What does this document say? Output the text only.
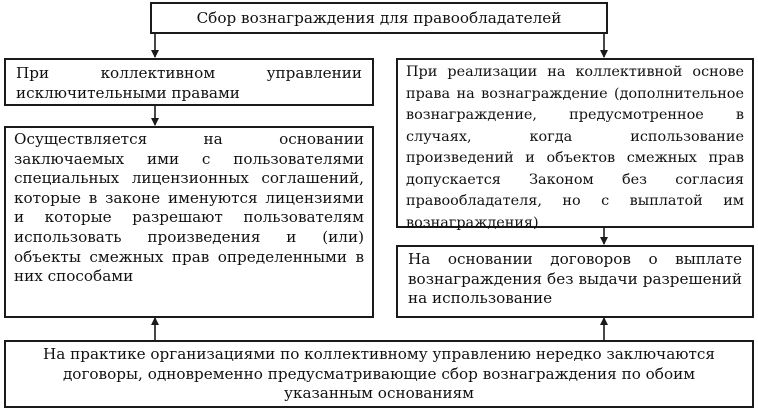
Сбор вознаграждения для правообладателей
При коллективном управлении исключительными правами
Осуществляется на основании заключаемых ими с пользователями специальных лицензионных соглашений, которые в законе именуются лицензиями и которые разрешают пользователям использовать произведения и (или) объекты смежных прав определенными в них способами
При реализации на коллективной основе права на вознаграждение (дополнительное вознаграждение, предусмотренное в случаях, когда использование произведений и объектов смежных прав допускается Законом без согласия правообладателя, но с выплатой им вознаграждения)
На основании договоров о выплате вознаграждения без выдачи разрешений на использование
На практике организациями по коллективному управлению нередко заключаются договоры, одновременно предусматривающие сбор вознаграждения по обоим указанным основаниям
